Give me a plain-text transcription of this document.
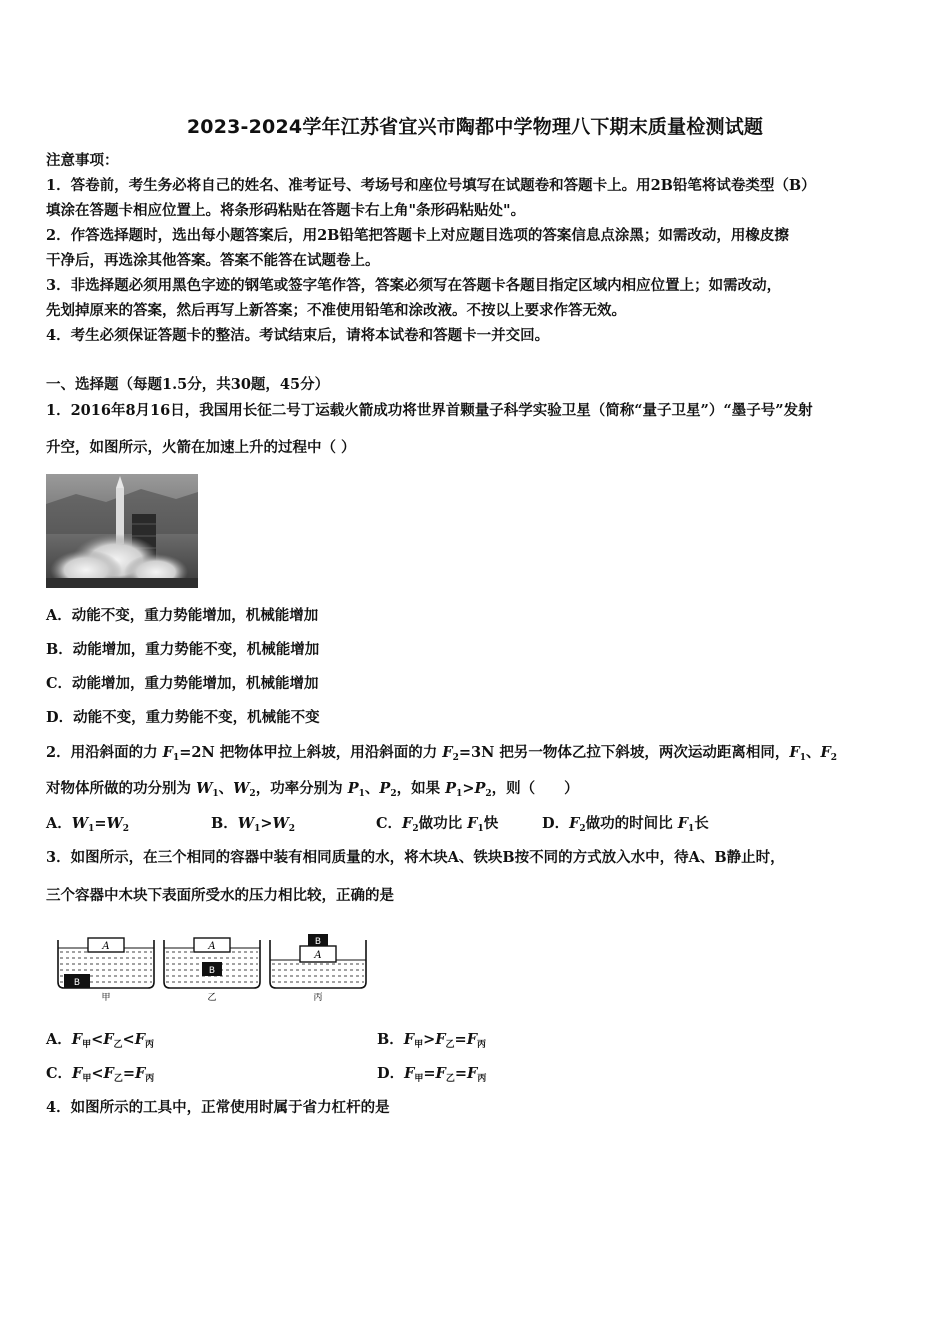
2023-2024学年江苏省宜兴市陶都中学物理八下期末质量检测试题
注意事项：
1．答卷前，考生务必将自己的姓名、准考证号、考场号和座位号填写在试题卷和答题卡上。用2B铅笔将试卷类型（B）
填涂在答题卡相应位置上。将条形码粘贴在答题卡右上角"条形码粘贴处"。
2．作答选择题时，选出每小题答案后，用2B铅笔把答题卡上对应题目选项的答案信息点涂黑；如需改动，用橡皮擦
干净后，再选涂其他答案。答案不能答在试题卷上。
3．非选择题必须用黑色字迹的钢笔或签字笔作答，答案必须写在答题卡各题目指定区域内相应位置上；如需改动，
先划掉原来的答案，然后再写上新答案；不准使用铅笔和涂改液。不按以上要求作答无效。
4．考生必须保证答题卡的整洁。考试结束后，请将本试卷和答题卡一并交回。
一、选择题（每题1.5分，共30题，45分）
1．2016年8月16日，我国用长征二号丁运载火箭成功将世界首颗量子科学实验卫星（简称“量子卫星”）“墨子号”发射
升空，如图所示，火箭在加速上升的过程中（ ）
A．动能不变，重力势能增加，机械能增加
B．动能增加，重力势能不变，机械能增加
C．动能增加，重力势能增加，机械能增加
D．动能不变，重力势能不变，机械能不变
2．用沿斜面的力 $F_1=2N$ 把物体甲拉上斜坡，用沿斜面的力 $F_2=3N$ 把另一物体乙拉下斜坡，两次运动距离相同，$F_1$、$F_2$
对物体所做的功分别为 $W_1$、$W_2$，功率分别为 $P_1$、$P_2$，如果 $P_1>P_2$，则（　　）
A．$W_1=W_2$	B．$W_1>W_2$	C．$F_2$做功比 $F_1$快	D．$F_2$做功的时间比 $F_1$长
3．如图所示，在三个相同的容器中装有相同质量的水，将木块A、铁块B按不同的方式放入水中，待A、B静止时，
三个容器中木块下表面所受水的压力相比较，正确的是
A
B
甲
A
B
乙
A
B
丙
A．$F_甲<F_乙<F_丙$	B．$F_甲>F_乙=F_丙$
C．$F_甲<F_乙=F_丙$	D．$F_甲=F_乙=F_丙$
4．如图所示的工具中，正常使用时属于省力杠杆的是
